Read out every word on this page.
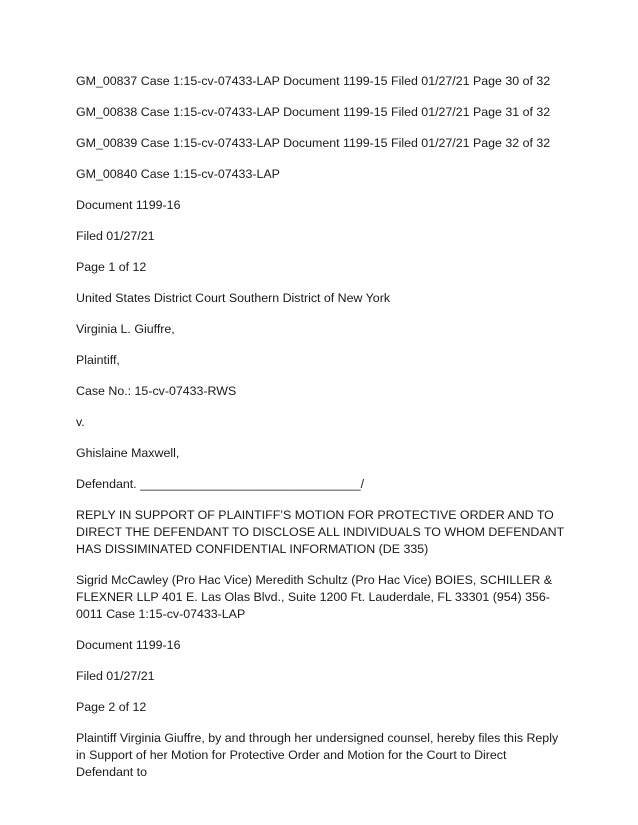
GM_00837 Case 1:15-cv-07433-LAP Document 1199-15 Filed 01/27/21 Page 30 of 32

GM_00838 Case 1:15-cv-07433-LAP Document 1199-15 Filed 01/27/21 Page 31 of 32

GM_00839 Case 1:15-cv-07433-LAP Document 1199-15 Filed 01/27/21 Page 32 of 32

GM_00840 Case 1:15-cv-07433-LAP

Document 1199-16

Filed 01/27/21

Page 1 of 12

United States District Court Southern District of New York

Virginia L. Giuffre,

Plaintiff,

Case No.: 15-cv-07433-RWS

v.

Ghislaine Maxwell,

Defendant. ________________________________/

REPLY IN SUPPORT OF PLAINTIFF’S MOTION FOR PROTECTIVE ORDER AND TO DIRECT THE DEFENDANT TO DISCLOSE ALL INDIVIDUALS TO WHOM DEFENDANT HAS DISSIMINATED CONFIDENTIAL INFORMATION (DE 335)

Sigrid McCawley (Pro Hac Vice) Meredith Schultz (Pro Hac Vice) BOIES, SCHILLER & FLEXNER LLP 401 E. Las Olas Blvd., Suite 1200 Ft. Lauderdale, FL 33301 (954) 356-0011 Case 1:15-cv-07433-LAP

Document 1199-16

Filed 01/27/21

Page 2 of 12

Plaintiff Virginia Giuffre, by and through her undersigned counsel, hereby files this Reply in Support of her Motion for Protective Order and Motion for the Court to Direct Defendant to
